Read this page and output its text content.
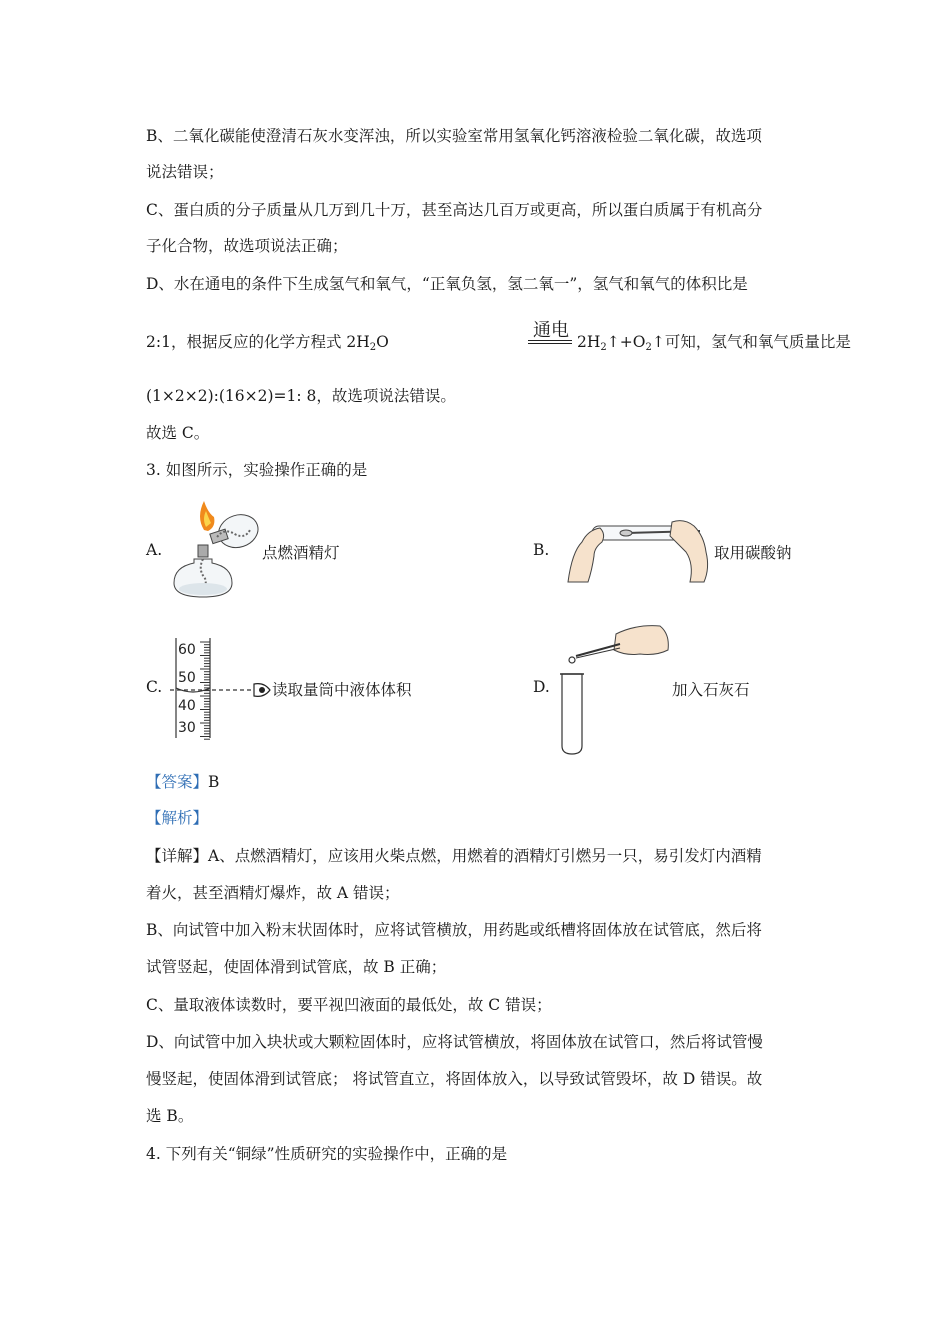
B、二氧化碳能使澄清石灰水变浑浊，所以实验室常用氢氧化钙溶液检验二氧化碳，故选项
说法错误；
C、蛋白质的分子质量从几万到几十万，甚至高达几百万或更高，所以蛋白质属于有机高分
子化合物，故选项说法正确；
D、水在通电的条件下生成氢气和氧气，“正氧负氢，氢二氧一”，氢气和氧气的体积比是
2:1，根据反应的化学方程式 $2H_2O$
通电
$2H_2↑+O_2↑$可知，氢气和氧气质量比是
(1×2×2):(16×2)=1: 8，故选项说法错误。
故选 C。
3. 如图所示，实验操作正确的是
A.	点燃酒精灯	B.	取用碳酸钠
C.
60
50
40
30
读取量筒中液体体积	D.	加入石灰石
【答案】B
【解析】
【详解】A、点燃酒精灯，应该用火柴点燃，用燃着的酒精灯引燃另一只，易引发灯内酒精
着火，甚至酒精灯爆炸，故 A 错误；
B、向试管中加入粉末状固体时，应将试管横放，用药匙或纸槽将固体放在试管底，然后将
试管竖起，使固体滑到试管底，故 B 正确；
C、量取液体读数时，要平视凹液面的最低处，故 C 错误；
D、向试管中加入块状或大颗粒固体时，应将试管横放，将固体放在试管口，然后将试管慢
慢竖起，使固体滑到试管底； 将试管直立，将固体放入，以导致试管毁坏，故 D 错误。故
选 B。
4. 下列有关“铜绿”性质研究的实验操作中，正确的是
